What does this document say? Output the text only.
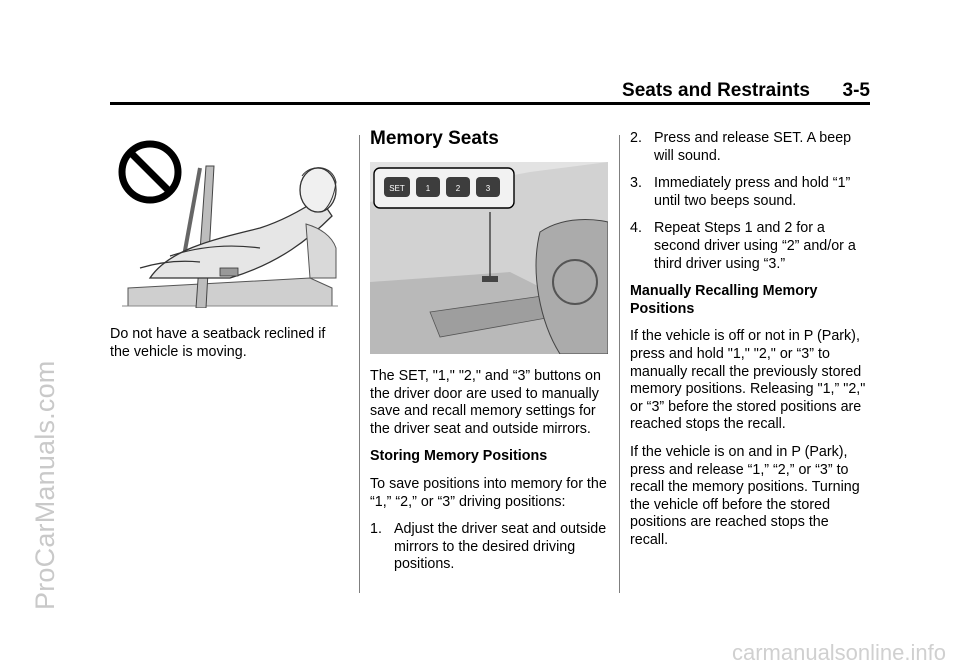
ProCarManuals.com
carmanualsonline.info
Seats and Restraints 3-5

Do not have a seatback reclined if the vehicle is moving.

Memory Seats
SET	1	2	3

The SET, "1," "2," and “3” buttons on the driver door are used to manually save and recall memory settings for the driver seat and outside mirrors.

Storing Memory Positions

To save positions into memory for the “1,” “2,” or “3” driving positions:

1. Adjust the driver seat and outside mirrors to the desired driving positions.
2. Press and release SET. A beep will sound.
3. Immediately press and hold “1” until two beeps sound.
4. Repeat Steps 1 and 2 for a second driver using “2” and/or a third driver using “3.”

Manually Recalling Memory Positions

If the vehicle is off or not in P (Park), press and hold "1," "2," or “3” to manually recall the previously stored memory positions. Releasing "1,” "2," or “3” before the stored positions are reached stops the recall.

If the vehicle is on and in P (Park), press and release “1,” “2,” or “3” to recall the memory positions. Turning the vehicle off before the stored positions are reached stops the recall.
